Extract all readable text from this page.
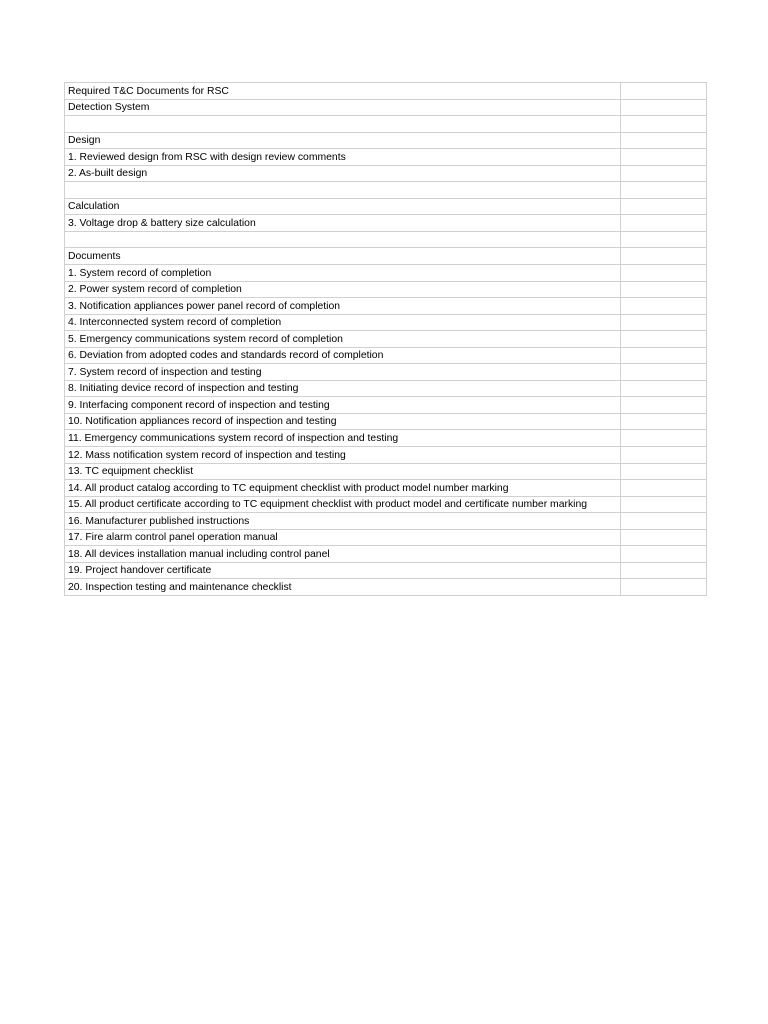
Required T&C Documents for RSC	
Detection System	

Design	
1. Reviewed design from RSC with design review comments	
2. As-built design	

Calculation	
3. Voltage drop & battery size calculation	

Documents	
1. System record of completion	
2. Power system record of completion	
3. Notification appliances power panel record of completion	
4. Interconnected system record of completion	
5. Emergency communications system record of completion	
6. Deviation from adopted codes and standards record of completion	
7. System record of inspection and testing	
8. Initiating device record of inspection and testing	
9. Interfacing component record of inspection and testing	
10. Notification appliances record of inspection and testing	
11. Emergency communications system record of inspection and testing	
12. Mass notification system record of inspection and testing	
13. TC equipment checklist	
14. All product catalog according to TC equipment checklist with product model number marking	
15. All product certificate according to TC equipment checklist with product model and certificate number marking	
16. Manufacturer published instructions	
17. Fire alarm control panel operation manual	
18. All devices installation manual including control panel	
19. Project handover certificate	
20. Inspection testing and maintenance checklist	
